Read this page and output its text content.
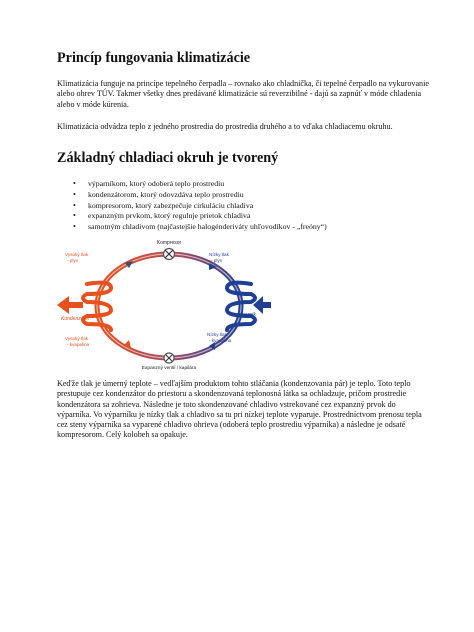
Princíp fungovania klimatizácie

Klimatizácia funguje na princípe tepelného čerpadla – rovnako ako chladnička, či tepelné čerpadlo na vykurovanie alebo ohrev TÚV. Takmer všetky dnes predávané klimatizácie sú reverzibilné - dajú sa zapnúť v móde chladenia alebo v móde kúrenia.

Klimatizácia odvádza teplo z jedného prostredia do prostredia druhého a to vďaka chladiacemu okruhu.

Základný chladiaci okruh je tvorený
• výparníkom, ktorý odoberá teplo prostrediu
• kondenzátorom, ktorý odovzdáva teplo prostrediu
• kompresorom, ktorý zabezpečuje cirkuláciu chladiva
• expanzným prvkom, ktorý reguluje prietok chladiva
• samotným chladivom (najčastejšie halogénderiváty uhľovodíkov - „freóny“)
Kompresor
Expanzný ventil / kapilára
Vysoký tlak - plyn
Nízky tlak - plyn
Kondenzátor
výparník
Vysoký tlak - kvapalina
Nízky tlak - kvapalina

Keďže tlak je úmerný teplote – vedľajším produktom tohto stláčania (kondenzovania pár) je teplo. Toto teplo prestupuje cez kondenzátor do priestoru a skondenzovaná teplonosná látka sa ochladzuje, pričom prostredie kondenzátora sa zohrieva. Následne je toto skondenzované chladivo vstrekované cez expanzný prvok do výparníka. Vo výparníku je nízky tlak a chladivo sa tu pri nízkej teplote vyparuje. Prostredníctvom prenosu tepla cez steny výparníka sa vyparené chladivo ohrieva (odoberá teplo prostrediu výparníka) a následne je odsaté kompresorom. Celý kolobeh sa opakuje.
